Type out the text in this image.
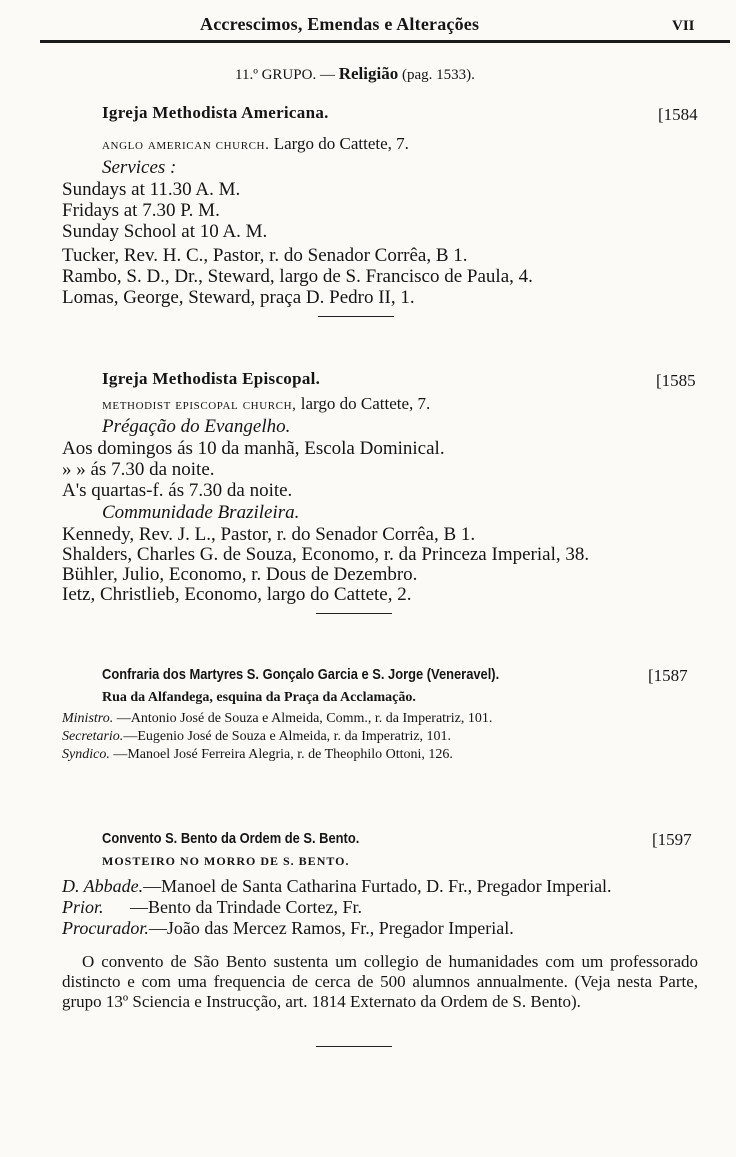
Accrescimos, Emendas e Alterações	VII
11.º GRUPO. — Religião (pag. 1533).
Igreja Methodista Americana.	[1584
anglo american church. Largo do Cattete, 7.
Services :
Sundays at 11.30 A. M.
Fridays at 7.30 P. M.
Sunday School at 10 A. M.
Tucker, Rev. H. C., Pastor, r. do Senador Corrêa, B 1.
Rambo, S. D., Dr., Steward, largo de S. Francisco de Paula, 4.
Lomas, George, Steward, praça D. Pedro II, 1.
Igreja Methodista Episcopal.	[1585
methodist episcopal church, largo do Cattete, 7.
Prégação do Evangelho.
Aos domingos ás 10 da manhã, Escola Dominical.
» » ás 7.30 da noite.
A's quartas-f. ás 7.30 da noite.
Communidade Brazileira.
Kennedy, Rev. J. L., Pastor, r. do Senador Corrêa, B 1.
Shalders, Charles G. de Souza, Economo, r. da Princeza Imperial, 38.
Bühler, Julio, Economo, r. Dous de Dezembro.
Ietz, Christlieb, Economo, largo do Cattete, 2.
Confraria dos Martyres S. Gonçalo Garcia e S. Jorge (Veneravel).	[1587
Rua da Alfandega, esquina da Praça da Acclamação.
Ministro. —Antonio José de Souza e Almeida, Comm., r. da Imperatriz, 101.
Secretario.—Eugenio José de Souza e Almeida, r. da Imperatriz, 101.
Syndico. —Manoel José Ferreira Alegria, r. de Theophilo Ottoni, 126.
Convento S. Bento da Ordem de S. Bento.	[1597
MOSTEIRO NO MORRO DE S. BENTO.
D. Abbade.—Manoel de Santa Catharina Furtado, D. Fr., Pregador Imperial.
Prior. —Bento da Trindade Cortez, Fr.
Procurador.—João das Mercez Ramos, Fr., Pregador Imperial.
O convento de São Bento sustenta um collegio de humanidades com um professorado distincto e com uma frequencia de cerca de 500 alumnos annualmente. (Veja nesta Parte, grupo 13º Sciencia e Instrucção, art. 1814 Externato da Ordem de S. Bento).
